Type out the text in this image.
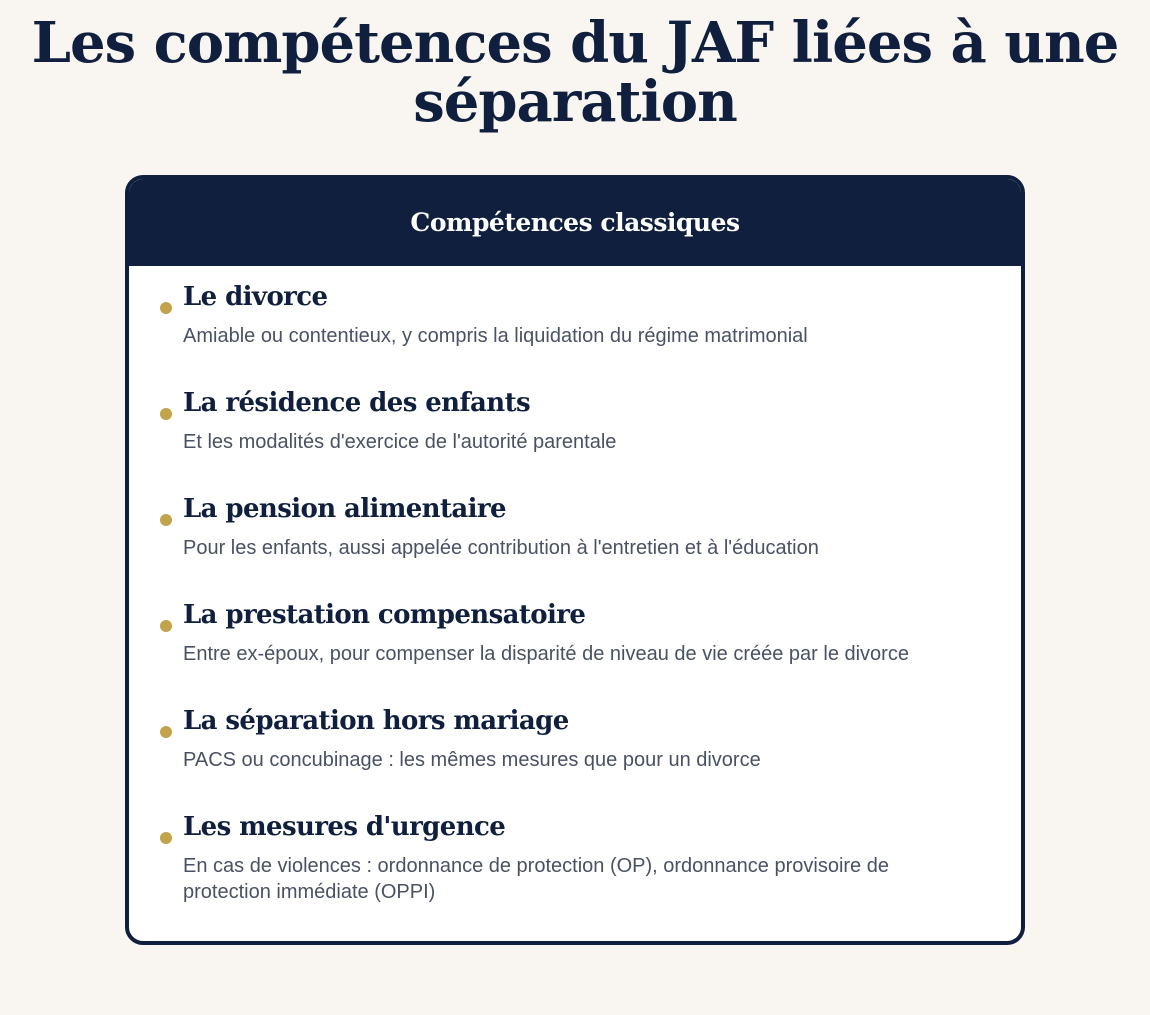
Les compétences du JAF liées à une séparation
Compétences classiques
Le divorce

Amiable ou contentieux, y compris la liquidation du régime matrimonial

La résidence des enfants

Et les modalités d'exercice de l'autorité parentale

La pension alimentaire

Pour les enfants, aussi appelée contribution à l'entretien et à l'éducation

La prestation compensatoire

Entre ex-époux, pour compenser la disparité de niveau de vie créée par le divorce

La séparation hors mariage

PACS ou concubinage : les mêmes mesures que pour un divorce

Les mesures d'urgence

En cas de violences : ordonnance de protection (OP), ordonnance provisoire de protection immédiate (OPPI)
